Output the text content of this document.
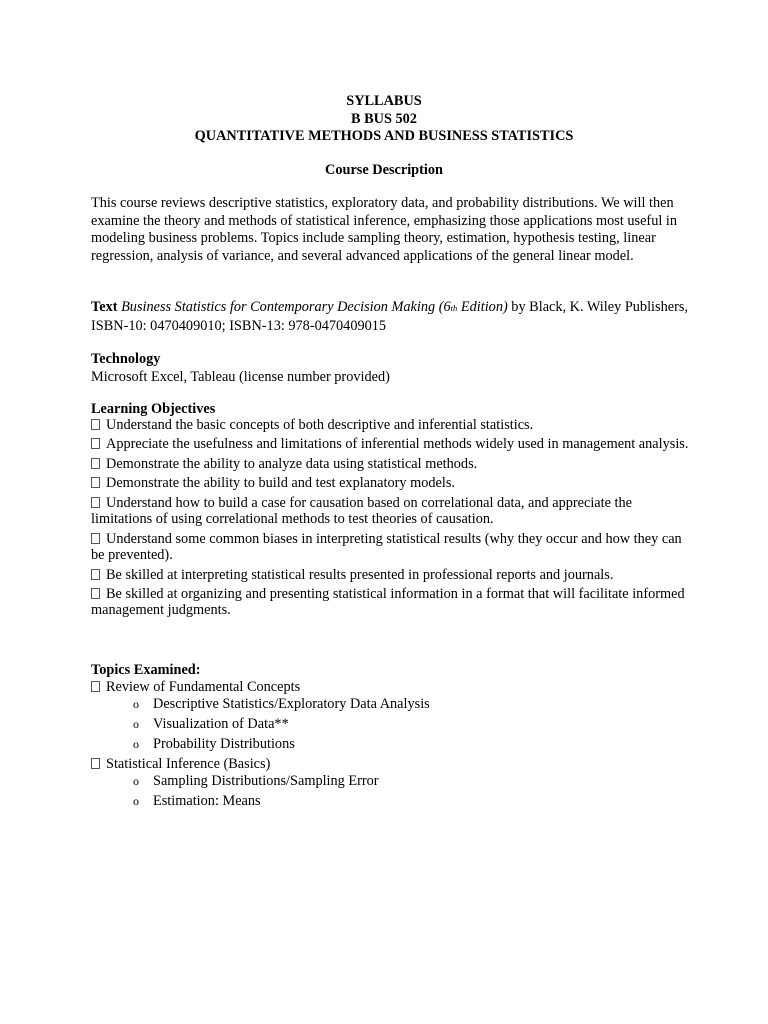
SYLLABUS
B BUS 502
QUANTITATIVE METHODS AND BUSINESS STATISTICS
Course Description

This course reviews descriptive statistics, exploratory data, and probability distributions. We will then examine the theory and methods of statistical inference, emphasizing those applications most useful in modeling business problems. Topics include sampling theory, estimation, hypothesis testing, linear regression, analysis of variance, and several advanced applications of the general linear model.

Text Business Statistics for Contemporary Decision Making (6th Edition) by Black, K. Wiley Publishers, ISBN-10: 0470409010; ISBN-13: 978-0470409015

Technology

Microsoft Excel, Tableau (license number provided)

Learning Objectives

Understand the basic concepts of both descriptive and inferential statistics.
Appreciate the usefulness and limitations of inferential methods widely used in management analysis.
Demonstrate the ability to analyze data using statistical methods.
Demonstrate the ability to build and test explanatory models.
Understand how to build a case for causation based on correlational data, and appreciate the limitations of using correlational methods to test theories of causation.
Understand some common biases in interpreting statistical results (why they occur and how they can be prevented).
Be skilled at interpreting statistical results presented in professional reports and journals.
Be skilled at organizing and presenting statistical information in a format that will facilitate informed management judgments.
Topics Examined:
Review of Fundamental Concepts
o Descriptive Statistics/Exploratory Data Analysis
o Visualization of Data**
o Probability Distributions
Statistical Inference (Basics)
o Sampling Distributions/Sampling Error
o Estimation: Means
